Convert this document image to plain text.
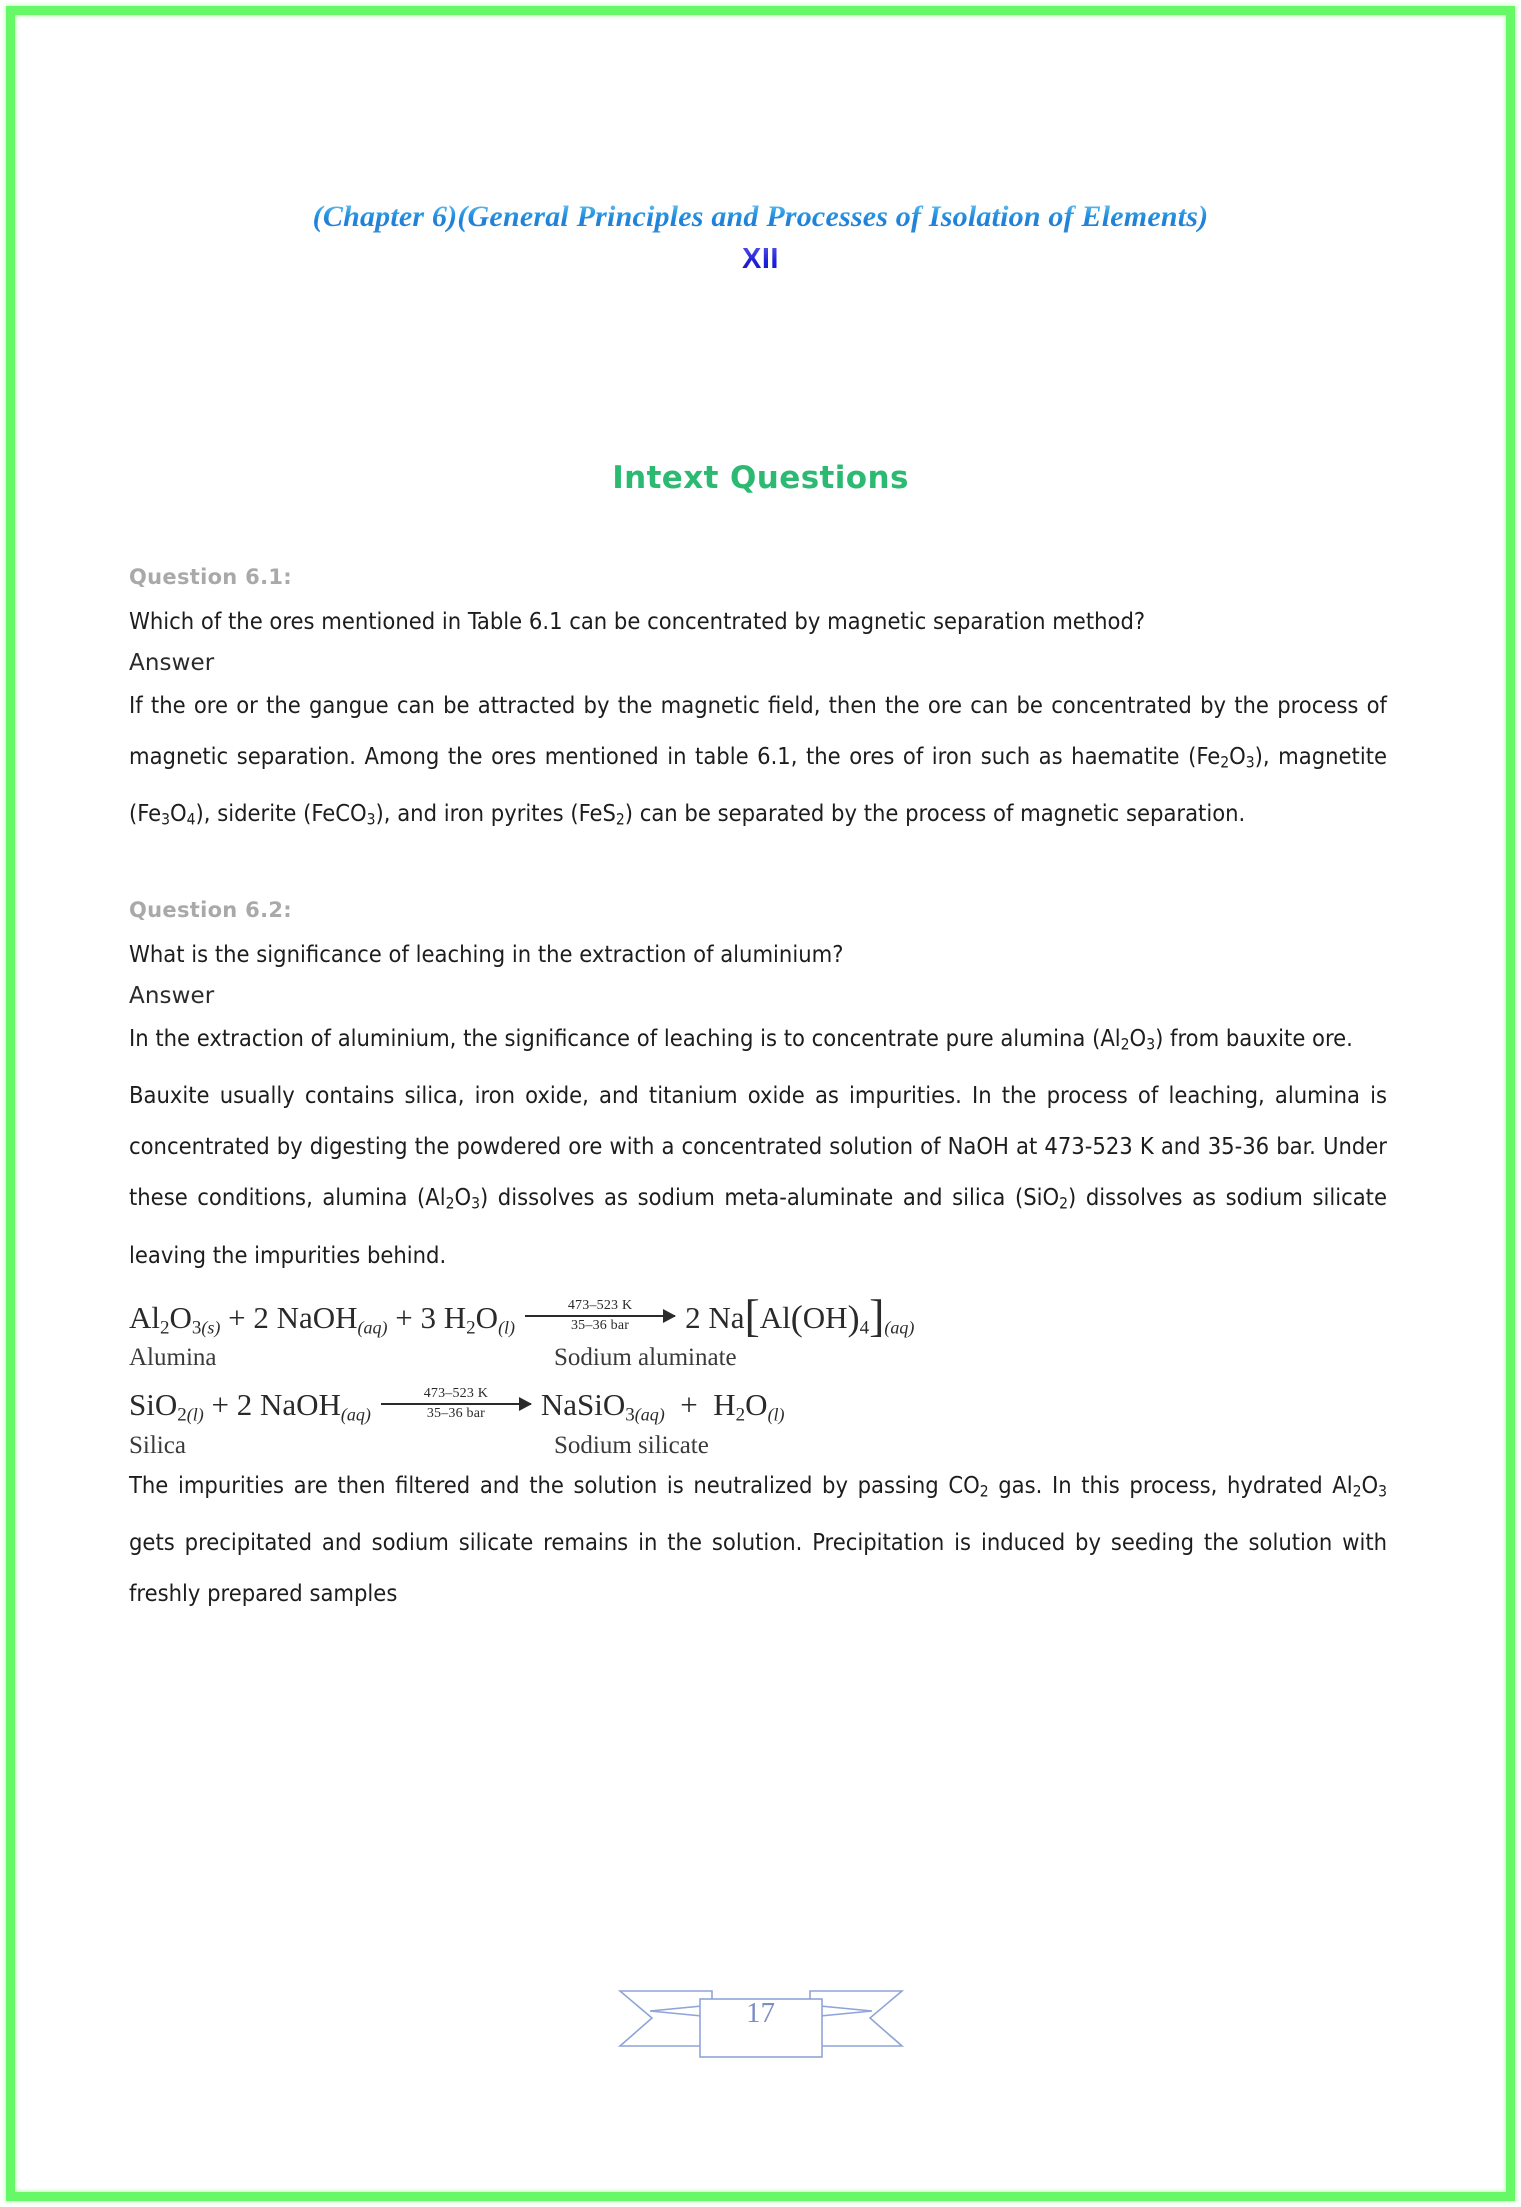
(Chapter 6)(General Principles and Processes of Isolation of Elements)
XII
Intext Questions
Question 6.1:

Which of the ores mentioned in Table 6.1 can be concentrated by magnetic separation method?

Answer

If the ore or the gangue can be attracted by the magnetic field, then the ore can be concentrated by the process of magnetic separation. Among the ores mentioned in table 6.1, the ores of iron such as haematite $(Fe_2O_3)$, magnetite $(Fe_3O_4)$, siderite (FeCO$_3$), and iron pyrites (FeS$_2$) can be separated by the process of magnetic separation.

Question 6.2:

What is the significance of leaching in the extraction of aluminium?

Answer

In the extraction of aluminium, the significance of leaching is to concentrate pure alumina $(Al_2O_3)$ from bauxite ore.

Bauxite usually contains silica, iron oxide, and titanium oxide as impurities. In the process of leaching, alumina is concentrated by digesting the powdered ore with a concentrated solution of NaOH at 473-523 K and 35-36 bar. Under these conditions, alumina $(Al_2O_3)$ dissolves as sodium meta-aluminate and silica (SiO$_2$) dissolves as sodium silicate leaving the impurities behind.

Al2O3(s) + 2 NaOH(aq) + 3 H2O(l)
473–523 K
35–36 bar 2 Na[Al(OH)4](aq)
Alumina	Sodium aluminate
SiO2(l) + 2 NaOH(aq)
473–523 K
35–36 bar NaSiO3(aq)  +  H2O(l)
Silica	Sodium silicate

The impurities are then filtered and the solution is neutralized by passing $CO_2$ gas. In this process, hydrated $Al_2O_3$ gets precipitated and sodium silicate remains in the solution. Precipitation is induced by seeding the solution with freshly prepared samples

17
